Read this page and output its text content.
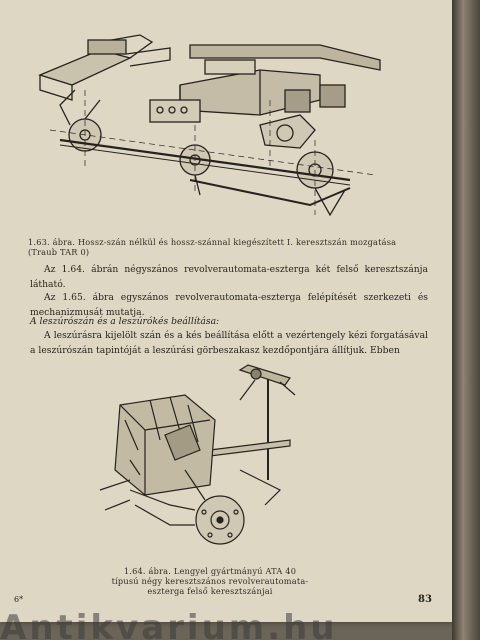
1.63. ábra. Hossz-szán nélkül és hossz-szánnal kiegészített I. keresztszán mozgatása (Traub TAR 0)
Az 1.64. ábrán négyszános revolverautomata-esztergа két felső keresztszánja látható.
Az 1.65. ábra egyszános revolverautomata-esztergа felépítését szerkezeti és mechanizmusát mutatja.
A leszúrószán és a leszúrókés beállítása:
A leszúrásra kijelölt szán és a kés beállítása előtt a vezértengely kézi forgatásával a leszúrószán tapintóját a leszúrási görbeszakasz kezdőpontjára állítjuk. Ebben
1.64. ábra. Lengyel gyártmányú ATA 40 típusú négy keresztszános revolverautomata-esztergа felső keresztszánjai
6*	83
Antikvarium.hu
